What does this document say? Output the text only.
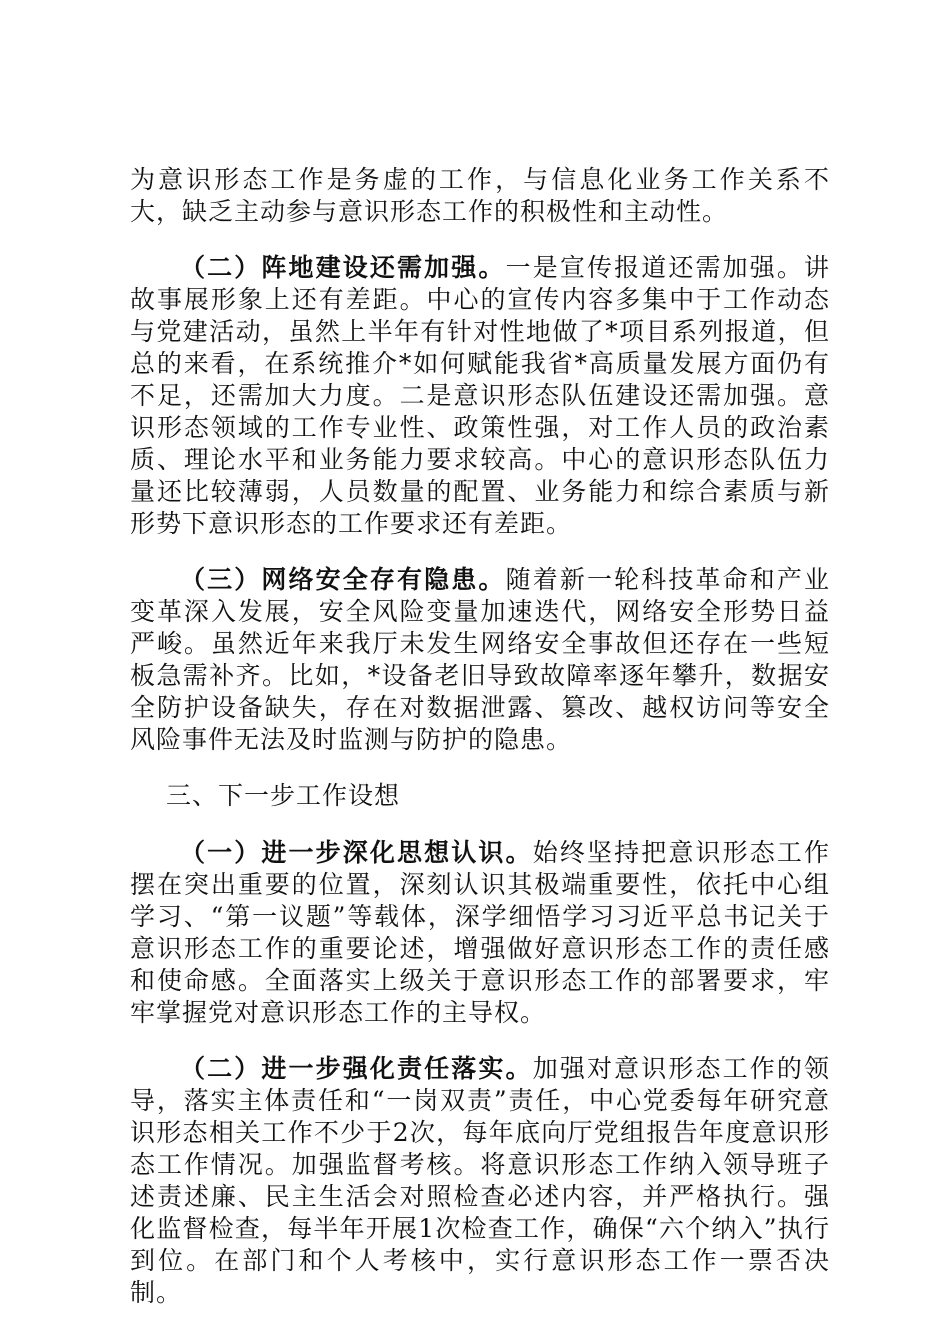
为意识形态工作是务虚的工作，与信息化业务工作关系不大，缺乏主动参与意识形态工作的积极性和主动性。

（二）阵地建设还需加强。一是宣传报道还需加强。讲故事展形象上还有差距。中心的宣传内容多集中于工作动态与党建活动，虽然上半年有针对性地做了*项目系列报道，但总的来看，在系统推介*如何赋能我省*高质量发展方面仍有不足，还需加大力度。二是意识形态队伍建设还需加强。意识形态领域的工作专业性、政策性强，对工作人员的政治素质、理论水平和业务能力要求较高。中心的意识形态队伍力量还比较薄弱，人员数量的配置、业务能力和综合素质与新形势下意识形态的工作要求还有差距。

（三）网络安全存有隐患。随着新一轮科技革命和产业变革深入发展，安全风险变量加速迭代，网络安全形势日益严峻。虽然近年来我厅未发生网络安全事故但还存在一些短板急需补齐。比如，*设备老旧导致故障率逐年攀升，数据安全防护设备缺失，存在对数据泄露、篡改、越权访问等安全风险事件无法及时监测与防护的隐患。

三、下一步工作设想

（一）进一步深化思想认识。始终坚持把意识形态工作摆在突出重要的位置，深刻认识其极端重要性，依托中心组学习、“第一议题”等载体，深学细悟学习习近平总书记关于意识形态工作的重要论述，增强做好意识形态工作的责任感和使命感。全面落实上级关于意识形态工作的部署要求，牢牢掌握党对意识形态工作的主导权。

（二）进一步强化责任落实。加强对意识形态工作的领导，落实主体责任和“一岗双责”责任，中心党委每年研究意识形态相关工作不少于2次，每年底向厅党组报告年度意识形态工作情况。加强监督考核。将意识形态工作纳入领导班子述责述廉、民主生活会对照检查必述内容，并严格执行。强化监督检查，每半年开展1次检查工作，确保“六个纳入”执行到位。在部门和个人考核中，实行意识形态工作一票否决制。
